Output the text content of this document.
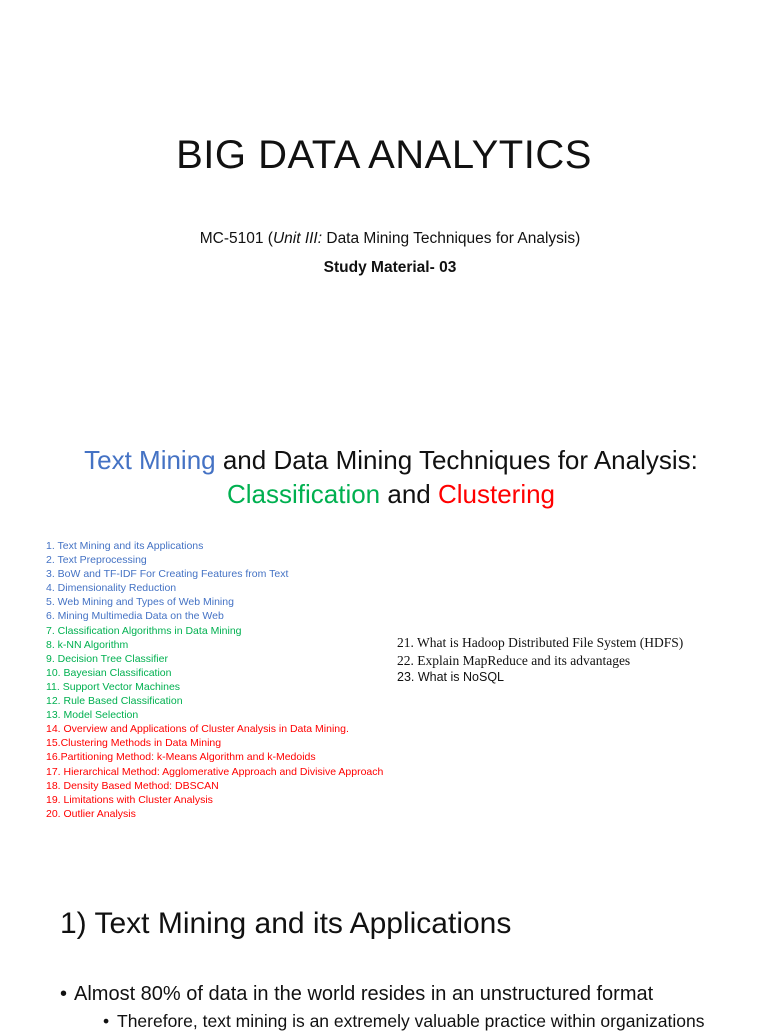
BIG DATA ANALYTICS
MC-5101 (Unit III: Data Mining Techniques for Analysis)
Study Material- 03
Text Mining and Data Mining Techniques for Analysis:
Classification and Clustering
1. Text Mining and its Applications
2. Text Preprocessing
3. BoW and TF-IDF For Creating Features from Text
4. Dimensionality Reduction
5. Web Mining and Types of Web Mining
6. Mining Multimedia Data on the Web
7. Classification Algorithms in Data Mining
8. k-NN Algorithm
9. Decision Tree Classifier
10. Bayesian Classification
11. Support Vector Machines
12. Rule Based Classification
13. Model Selection
14. Overview and Applications of Cluster Analysis in Data Mining.
15.Clustering Methods in Data Mining
16.Partitioning Method: k-Means Algorithm and k-Medoids
17. Hierarchical Method: Agglomerative Approach and Divisive Approach
18. Density Based Method: DBSCAN
19. Limitations with Cluster Analysis
20. Outlier Analysis
21. What is Hadoop Distributed File System (HDFS)
22. Explain MapReduce and its advantages
23. What is NoSQL
1) Text Mining and its Applications
• Almost 80% of data in the world resides in an unstructured format
• Therefore, text mining is an extremely valuable practice within organizations
